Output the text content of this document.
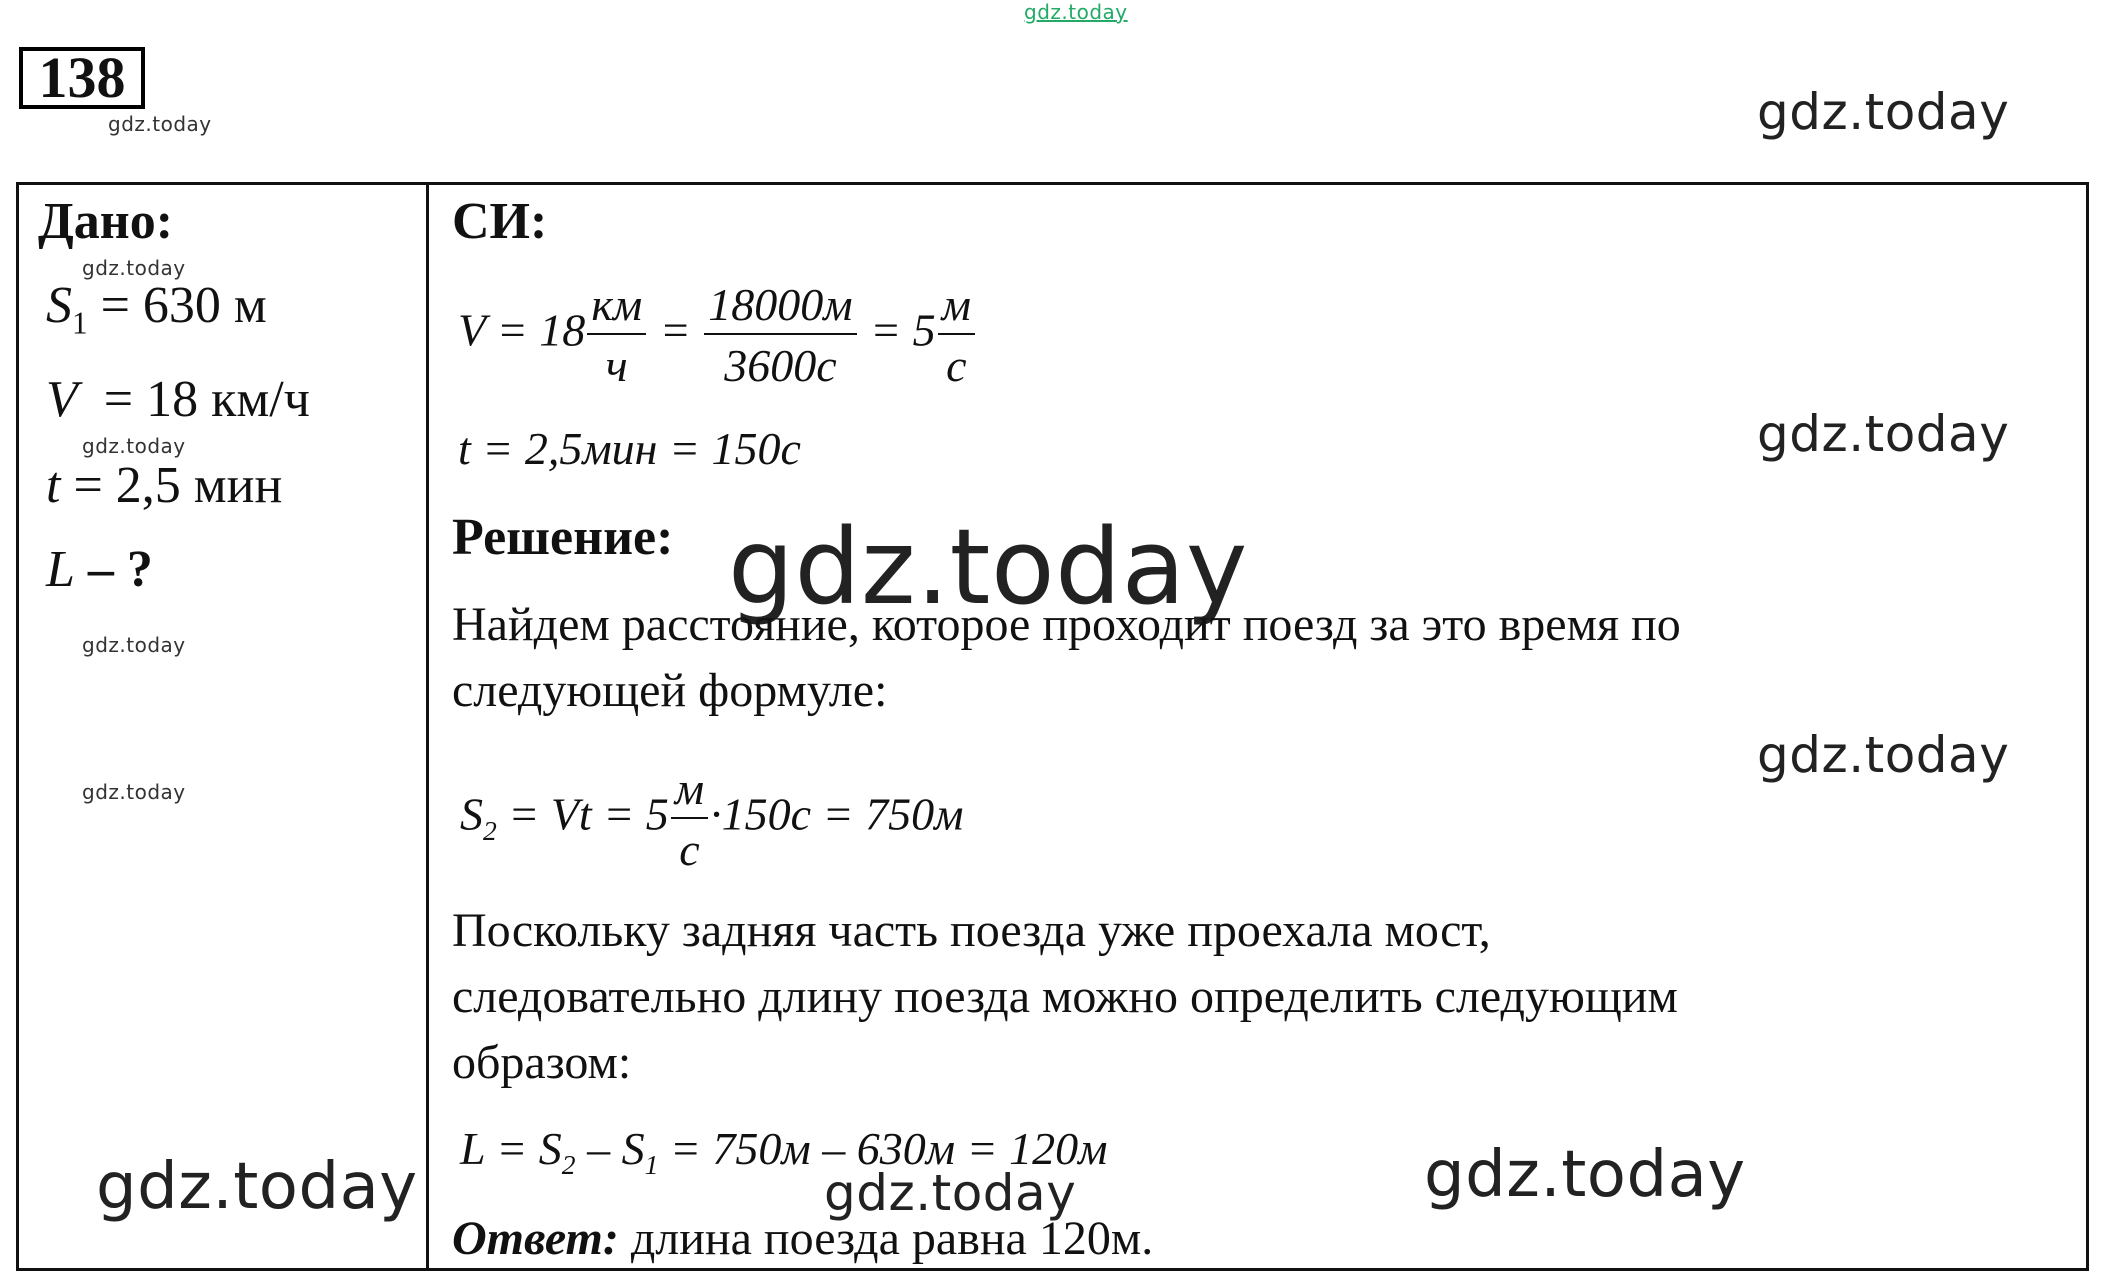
gdz.today
gdz.today	gdz.today
138
Дано:
gdz.today
$S_1 = 630$ м
V = 18 км/ч
gdz.today
t = 2,5 мин
L – ?
gdz.today
gdz.today
СИ:
$V = 18 \frac{км}{ч} = \frac{18000м}{3600с} = 5 \frac{м}{с}$
t = 2,5мин = 150с	gdz.today
Решение: gdz.today
Найдем расстояние, которое проходит поезд за это время по
следующей формуле:
gdz.today
$S_2 = Vt = 5 \frac{м}{с} \cdot 150с = 750м$
Поскольку задняя часть поезда уже проехала мост,
следовательно длину поезда можно определить следующим
образом:
$L = S_2 - S_1 = 750м - 630м = 120м$
gdz.today	gdz.today	gdz.today
Ответ: длина поезда равна 120м.
